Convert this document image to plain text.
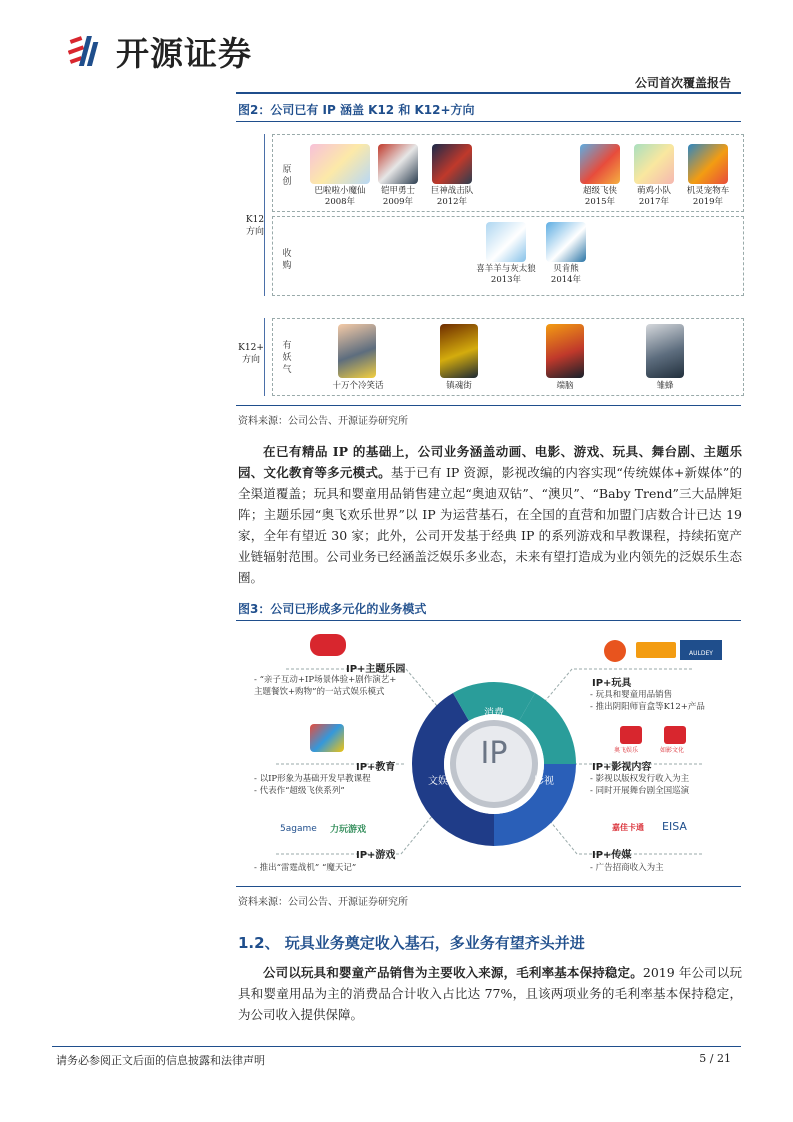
开源证券
公司首次覆盖报告
图2：公司已有 IP 涵盖 K12 和 K12+方向
K12
方向
原创
收购
巴啦啦小魔仙
2008年
铠甲勇士
2009年
巨神战击队
2012年
超级飞侠
2015年
萌鸡小队
2017年
机灵宠物车
2019年
喜羊羊与灰太狼
2013年
贝肯熊
2014年
K12+
方向
有妖气
十万个冷笑话	镇魂街	端脑	雏蜂
资料来源：公司公告、开源证券研究所
在已有精品 IP 的基础上，公司业务涵盖动画、电影、游戏、玩具、舞台剧、主题乐园、文化教育等多元模式。基于已有 IP 资源，影视改编的内容实现“传统媒体+新媒体”的全渠道覆盖；玩具和婴童用品销售建立起“奥迪双钻”、“澳贝”、“Baby Trend”三大品牌矩阵；主题乐园“奥飞欢乐世界”以 IP 为运营基石，在全国的直营和加盟门店数合计已达 19 家，全年有望近 30 家；此外，公司开发基于经典 IP 的系列游戏和早教课程，持续拓宽产业链辐射范围。公司业务已经涵盖泛娱乐多业态，未来有望打造成为业内领先的泛娱乐生态圈。
图3：公司已形成多元化的业务模式
IP
消费
文娱	影视
IP+主题乐园
- “亲子互动+IP场景体验+剧作演艺+
主题餐饮+购物”的一站式娱乐模式
IP+教育
- 以IP形象为基础开发早教课程
- 代表作“超级飞侠系列”
5agame 力玩游戏
IP+游戏
- 推出“雷霆战机” “魔天记”
AULDEY
IP+玩具
- 玩具和婴童用品销售
- 推出阴阳师盲盒等K12+产品
奥飞娱乐	如影文化
IP+影视内容
- 影视以版权发行收入为主
- 同时开展舞台剧全国巡演
嘉佳卡通 EISA
IP+传媒
- 广告招商收入为主
资料来源：公司公告、开源证券研究所
1.2、 玩具业务奠定收入基石，多业务有望齐头并进
公司以玩具和婴童产品销售为主要收入来源，毛利率基本保持稳定。2019 年公司以玩具和婴童用品为主的消费品合计收入占比达 77%，且该两项业务的毛利率基本保持稳定，为公司收入提供保障。
请务必参阅正文后面的信息披露和法律声明	5 / 21
